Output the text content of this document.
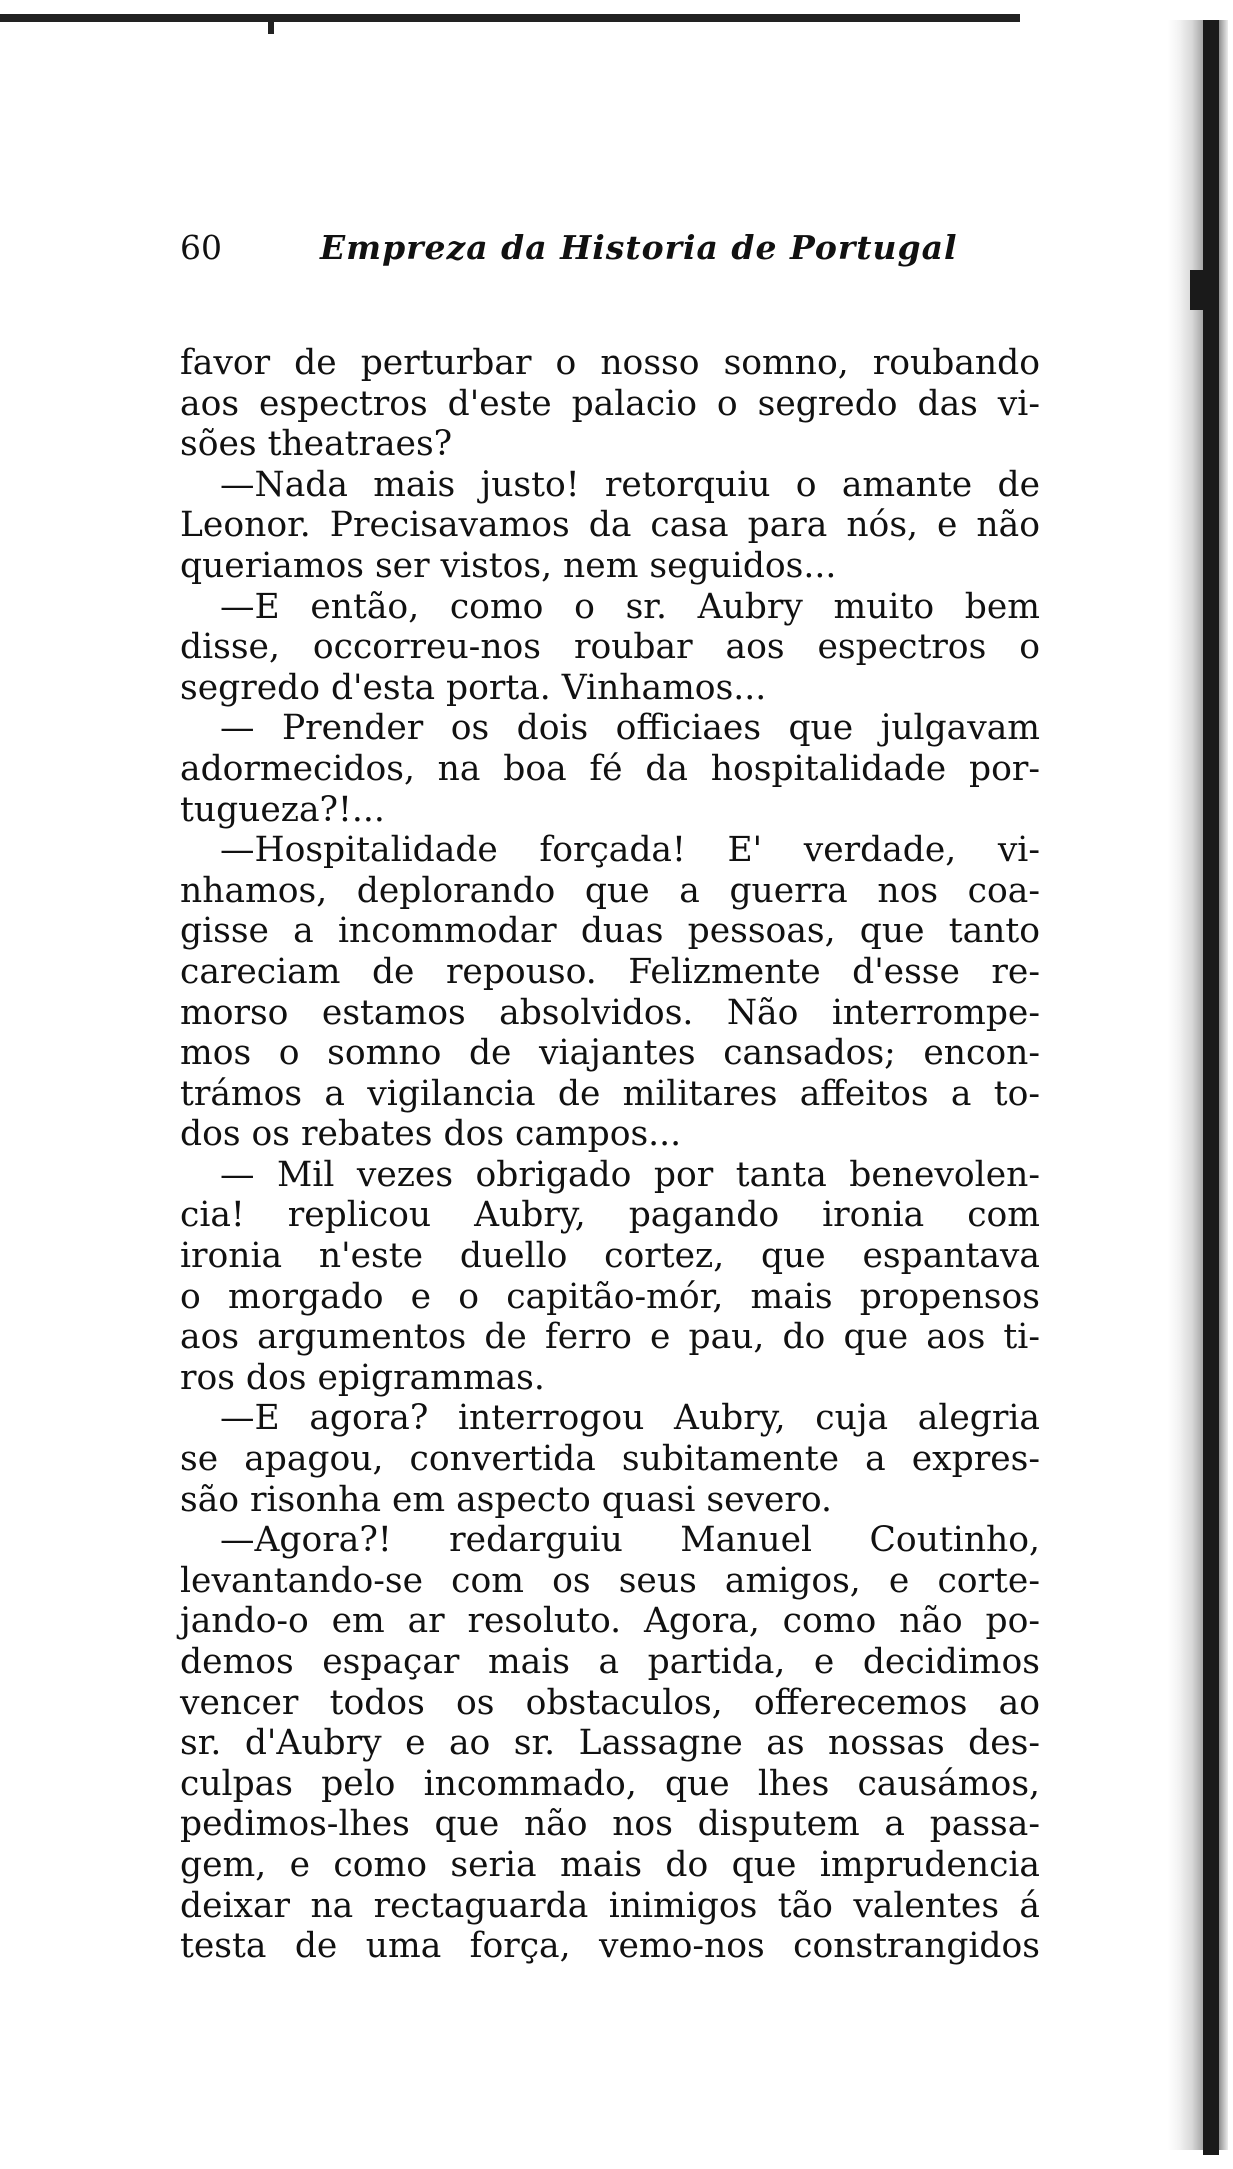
60	Empreza da Historia de Portugal
favor de perturbar o nosso somno, roubando
aos espectros d'este palacio o segredo das vi-
sões theatraes?
—Nada mais justo! retorquiu o amante de
Leonor. Precisavamos da casa para nós, e não
queriamos ser vistos, nem seguidos...
—E então, como o sr. Aubry muito bem
disse, occorreu-nos roubar aos espectros o
segredo d'esta porta. Vinhamos...
— Prender os dois officiaes que julgavam
adormecidos, na boa fé da hospitalidade por-
tugueza?!...
—Hospitalidade forçada! E' verdade, vi-
nhamos, deplorando que a guerra nos coa-
gisse a incommodar duas pessoas, que tanto
careciam de repouso. Felizmente d'esse re-
morso estamos absolvidos. Não interrompe-
mos o somno de viajantes cansados; encon-
trámos a vigilancia de militares affeitos a to-
dos os rebates dos campos...
— Mil vezes obrigado por tanta benevolen-
cia! replicou Aubry, pagando ironia com
ironia n'este duello cortez, que espantava
o morgado e o capitão-mór, mais propensos
aos argumentos de ferro e pau, do que aos ti-
ros dos epigrammas.
—E agora? interrogou Aubry, cuja alegria
se apagou, convertida subitamente a expres-
são risonha em aspecto quasi severo.
—Agora?! redarguiu Manuel Coutinho,
levantando-se com os seus amigos, e corte-
jando-o em ar resoluto. Agora, como não po-
demos espaçar mais a partida, e decidimos
vencer todos os obstaculos, offerecemos ao
sr. d'Aubry e ao sr. Lassagne as nossas des-
culpas pelo incommado, que lhes causámos,
pedimos-lhes que não nos disputem a passa-
gem, e como seria mais do que imprudencia
deixar na rectaguarda inimigos tão valentes á
testa de uma força, vemo-nos constrangidos
